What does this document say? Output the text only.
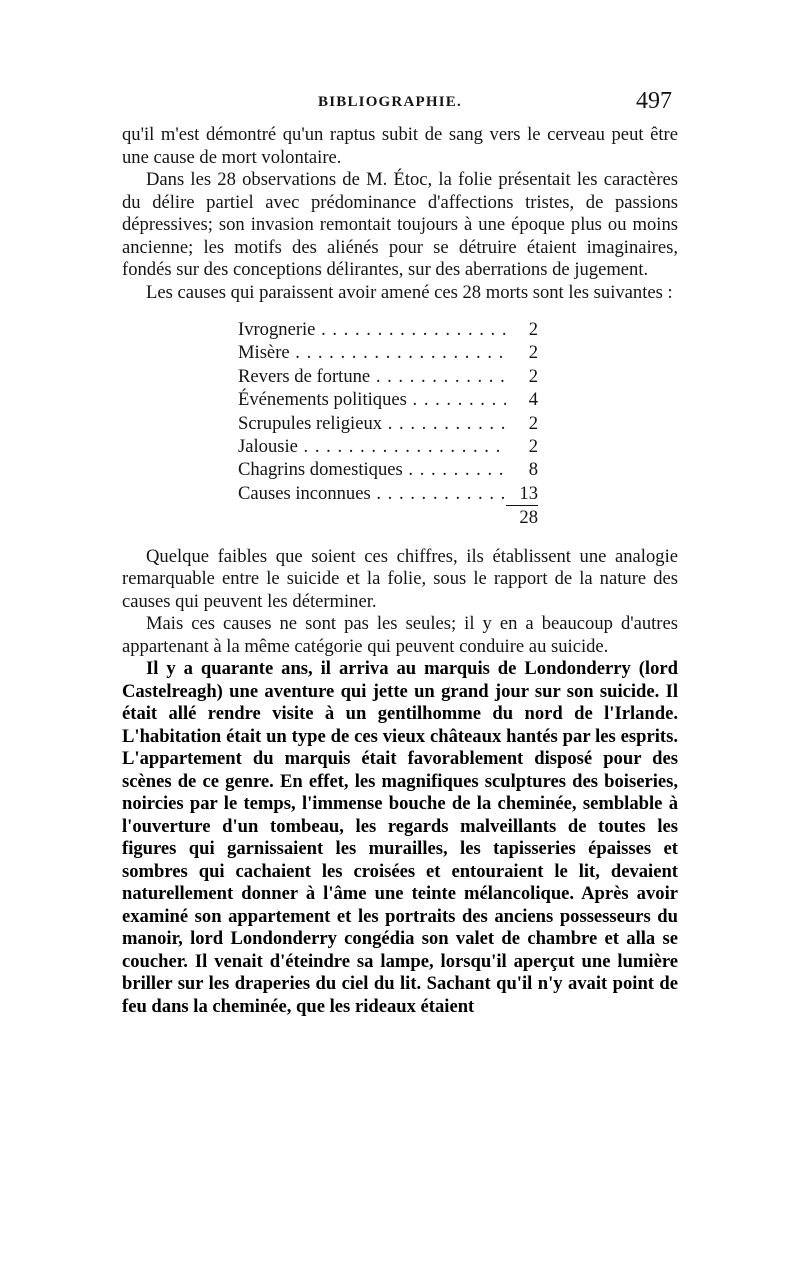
BIBLIOGRAPHIE.	497

qu'il m'est démontré qu'un raptus subit de sang vers le cerveau peut être une cause de mort volontaire.

Dans les 28 observations de M. Étoc, la folie présentait les caractères du délire partiel avec prédominance d'affections tristes, de passions dépressives; son invasion remontait toujours à une époque plus ou moins ancienne; les motifs des aliénés pour se détruire étaient imaginaires, fondés sur des conceptions délirantes, sur des aberrations de jugement.

Les causes qui paraissent avoir amené ces 28 morts sont les suivantes :

Ivrognerie . . .	2
Misère . . .	2
Revers de fortune . . .	2
Événements politiques . . .	4
Scrupules religieux . . .	2
Jalousie . . .	2
Chagrins domestiques . . .	8
Causes inconnues . . .	13
28

Quelque faibles que soient ces chiffres, ils établissent une analogie remarquable entre le suicide et la folie, sous le rapport de la nature des causes qui peuvent les déterminer.

Mais ces causes ne sont pas les seules; il y en a beaucoup d'autres appartenant à la même catégorie qui peuvent conduire au suicide.

Il y a quarante ans, il arriva au marquis de Londonderry (lord Castelreagh) une aventure qui jette un grand jour sur son suicide. Il était allé rendre visite à un gentilhomme du nord de l'Irlande. L'habitation était un type de ces vieux châteaux hantés par les esprits. L'appartement du marquis était favorablement disposé pour des scènes de ce genre. En effet, les magnifiques sculptures des boiseries, noircies par le temps, l'immense bouche de la cheminée, semblable à l'ouverture d'un tombeau, les regards malveillants de toutes les figures qui garnissaient les murailles, les tapisseries épaisses et sombres qui cachaient les croisées et entouraient le lit, devaient naturellement donner à l'âme une teinte mélancolique. Après avoir examiné son appartement et les portraits des anciens possesseurs du manoir, lord Londonderry congédia son valet de chambre et alla se coucher. Il venait d'éteindre sa lampe, lorsqu'il aperçut une lumière briller sur les draperies du ciel du lit. Sachant qu'il n'y avait point de feu dans la cheminée, que les rideaux étaient
